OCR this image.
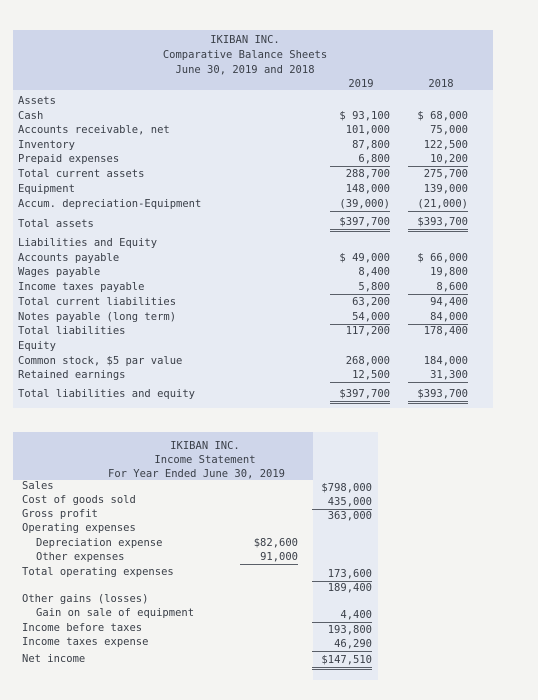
IKIBAN INC.
Comparative Balance Sheets
June 30, 2019 and 2018
2019	2018
Assets
Cash
Accounts receivable, net
Inventory
Prepaid expenses
Total current assets
Equipment
Accum. depreciation-Equipment
Total assets
Liabilities and Equity
Accounts payable
Wages payable
Income taxes payable
Total current liabilities
Notes payable (long term)
Total liabilities
Equity
Common stock, $5 par value
Retained earnings
Total liabilities and equity
$ 93,100
101,000
87,800
6,800
288,700
148,000
(39,000)
$397,700
$ 49,000
8,400
5,800
63,200
54,000
117,200
268,000
12,500
$397,700
$ 68,000
75,000
122,500
10,200
275,700
139,000
(21,000)
$393,700
$ 66,000
19,800
8,600
94,400
84,000
178,400
184,000
31,300
$393,700
IKIBAN INC.
Income Statement
For Year Ended June 30, 2019
Sales
Cost of goods sold
Gross profit
Operating expenses
Depreciation expense
Other expenses
Total operating expenses
Other gains (losses)
Gain on sale of equipment
Income before taxes
Income taxes expense
Net income
$82,600
91,000
$798,000
435,000
363,000
173,600
189,400
4,400
193,800
46,290
$147,510
